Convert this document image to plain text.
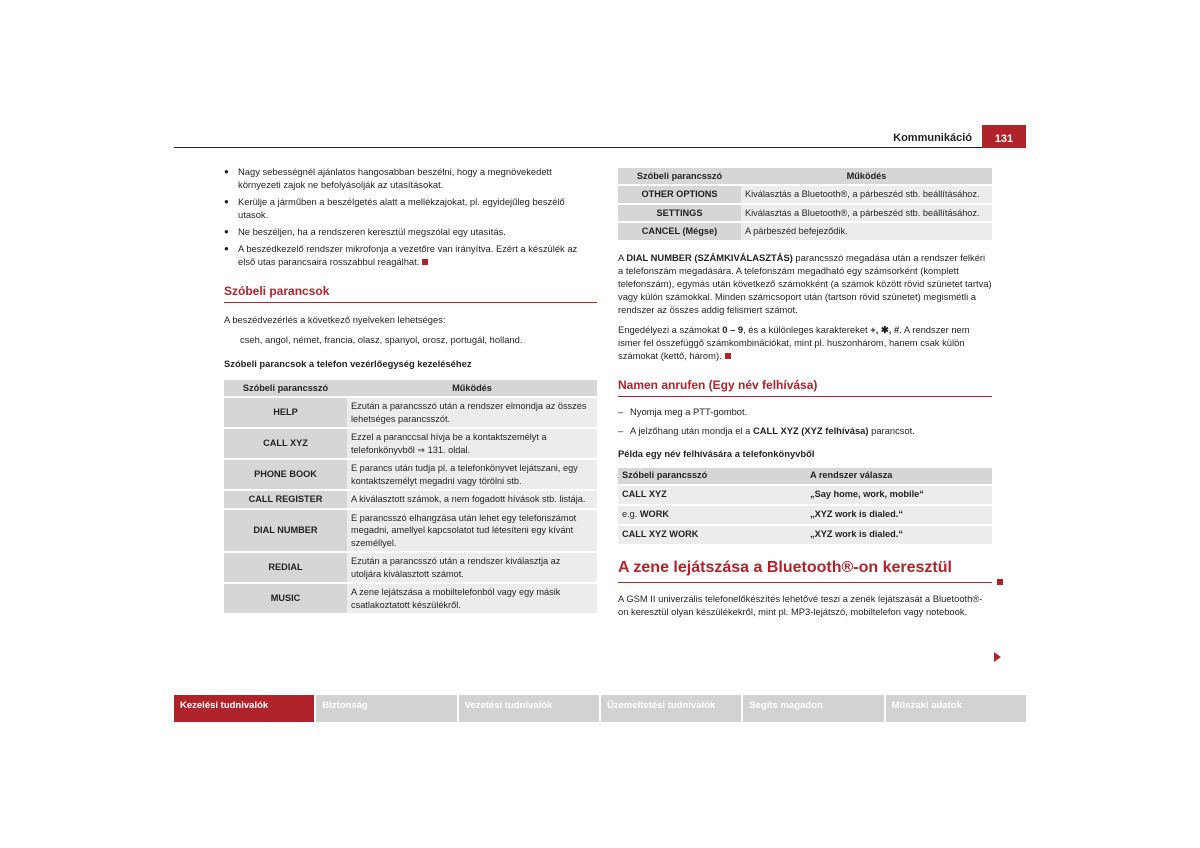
Kommunikáció	131
● Nagy sebességnél ajánlatos hangosabban beszélni, hogy a megnövekedett környezeti zajok ne befolyásolják az utasításokat.
● Kerülje a járműben a beszélgetés alatt a mellékzajokat, pl. egyidejűleg beszélő utasok.
● Ne beszéljen, ha a rendszeren keresztül megszólal egy utasítás.
● A beszédkezelő rendszer mikrofonja a vezetőre van irányítva. Ezért a készülék az első utas parancsaira rosszabbul reagálhat.
Szóbeli parancsok

A beszédvezérlés a következő nyelveken lehetséges:

cseh, angol, német, francia, olasz, spanyol, orosz, portugál, holland.

Szóbeli parancsok a telefon vezérlőegység kezeléséhez

Szóbeli parancsszó	Működés
HELP	Ezután a parancsszó után a rendszer elmondja az összes lehetséges parancsszót.
CALL XYZ	Ezzel a paranccsal hívja be a kontaktszemélyt a telefonkönyvből ⇒ 131. oldal.
PHONE BOOK	E parancs után tudja pl. a telefonkönyvet lejátszani, egy kontaktszemélyt megadni vagy törölni stb.
CALL REGISTER	A kiválasztott számok, a nem fogadott hívások stb. listája.
DIAL NUMBER	E parancsszó elhangzása után lehet egy telefonszámot megadni, amellyel kapcsolatot tud létesíteni egy kívánt személlyel.
REDIAL	Ezután a parancsszó után a rendszer kiválasztja az utoljára kiválasztott számot.
MUSIC	A zene lejátszása a mobiltelefonból vagy egy másik csatlakoztatott készülékről.
Szóbeli parancsszó	Működés
OTHER OPTIONS	Kiválasztás a Bluetooth®, a párbeszéd stb. beállításához.
SETTINGS	Kiválasztás a Bluetooth®, a párbeszéd stb. beállításához.
CANCEL (Mégse)	A párbeszéd befejeződik.

A DIAL NUMBER (SZÁMKIVÁLASZTÁS) parancsszó megadása után a rendszer felkéri a telefonszám megadására. A telefonszám megadható egy számsorként (komplett telefonszám), egymás után következő számokként (a számok között rövid szünetet tartva) vagy külön számokkal. Minden számcsoport után (tartson rövid szünetet) megismétli a rendszer az összes addig felismert számot.

Engedélyezi a számokat 0 – 9, és a különleges karaktereket +, ✱, #. A rendszer nem ismer fel összefüggő számkombinációkat, mint pl. huszonhárom, hanem csak külön számokat (kettő, három).

Namen anrufen (Egy név felhívása)
– Nyomja meg a PTT-gombot.
– A jelzőhang után mondja el a CALL XYZ (XYZ felhívása) parancsot.

Példa egy név felhívására a telefonkönyvből

Szóbeli parancsszó	A rendszer válasza
CALL XYZ	„Say home, work, mobile“
e.g. WORK	„XYZ work is dialed.“
CALL XYZ WORK	„XYZ work is dialed.“
A zene lejátszása a Bluetooth®-on keresztül

A GSM II univerzális telefonelőkészítés lehetővé teszi a zenék lejátszását a Bluetooth®-on keresztül olyan készülékekről, mint pl. MP3-lejátszó, mobiltelefon vagy notebook.

Kezelési tudnivalók	Biztonság	Vezetési tudnivalók	Üzemeltetési tudnivalók	Segíts magadon	Műszaki adatok
